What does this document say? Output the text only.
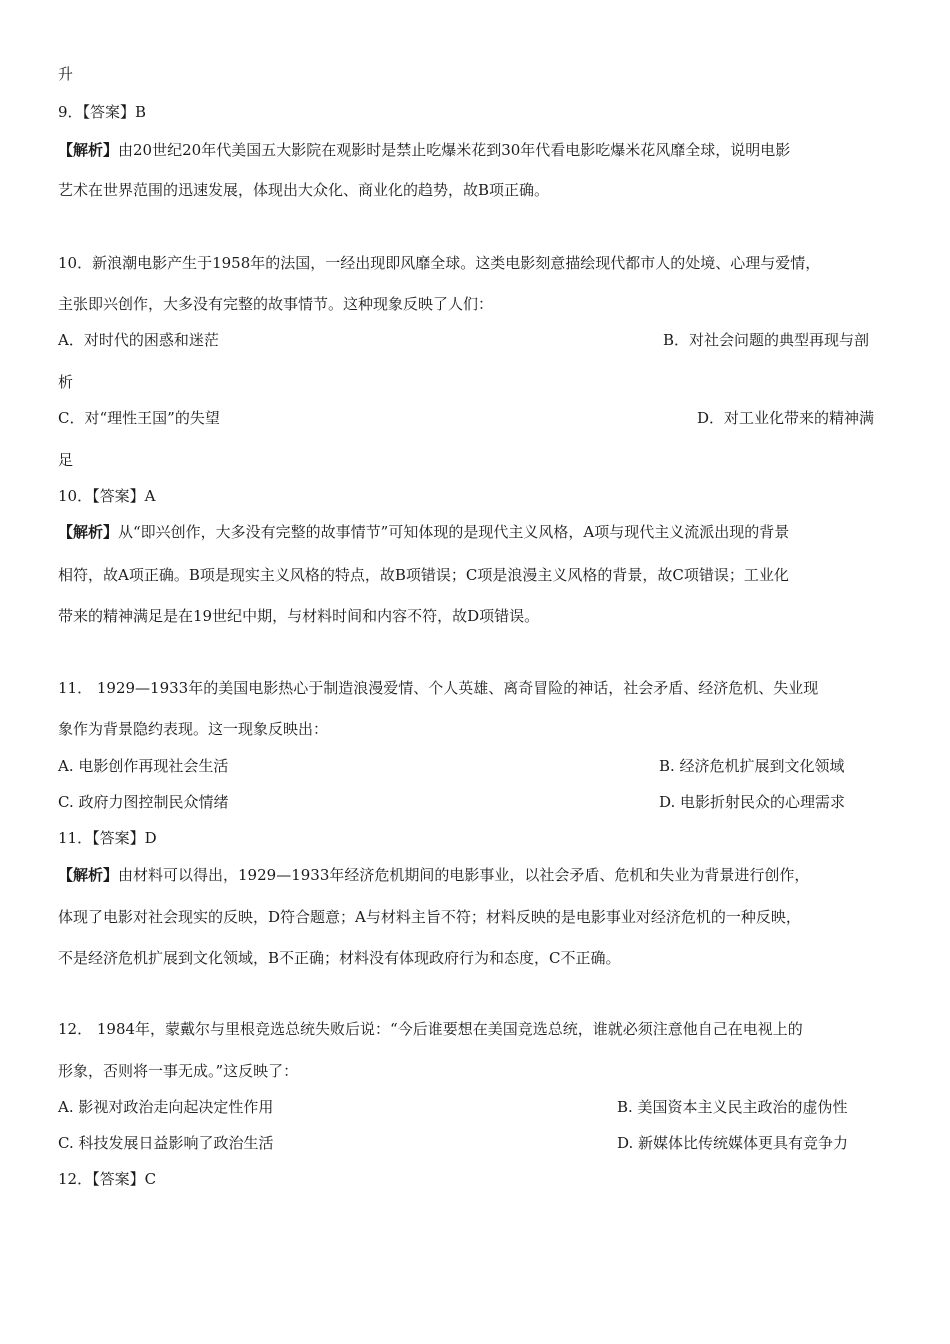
升
9．【答案】B
【解析】由20世纪20年代美国五大影院在观影时是禁止吃爆米花到30年代看电影吃爆米花风靡全球，说明电影
艺术在世界范围的迅速发展，体现出大众化、商业化的趋势，故B项正确。
10．新浪潮电影产生于1958年的法国，一经出现即风靡全球。这类电影刻意描绘现代都市人的处境、心理与爱情，
主张即兴创作，大多没有完整的故事情节。这种现象反映了人们：
A．对时代的困惑和迷茫	B．对社会问题的典型再现与剖
析
C．对“理性王国”的失望	D．对工业化带来的精神满
足
10．【答案】A
【解析】从“即兴创作，大多没有完整的故事情节”可知体现的是现代主义风格，A项与现代主义流派出现的背景
相符，故A项正确。B项是现实主义风格的特点，故B项错误；C项是浪漫主义风格的背景，故C项错误；工业化
带来的精神满足是在19世纪中期，与材料时间和内容不符，故D项错误。
11． 1929—1933年的美国电影热心于制造浪漫爱情、个人英雄、离奇冒险的神话，社会矛盾、经济危机、失业现
象作为背景隐约表现。这一现象反映出：
A. 电影创作再现社会生活	B. 经济危机扩展到文化领域
C. 政府力图控制民众情绪	D. 电影折射民众的心理需求
11．【答案】D
【解析】由材料可以得出，1929—1933年经济危机期间的电影事业，以社会矛盾、危机和失业为背景进行创作，
体现了电影对社会现实的反映，D符合题意；A与材料主旨不符；材料反映的是电影事业对经济危机的一种反映，
不是经济危机扩展到文化领域，B不正确；材料没有体现政府行为和态度，C不正确。
12． 1984年，蒙戴尔与里根竞选总统失败后说：“今后谁要想在美国竞选总统，谁就必须注意他自己在电视上的
形象，否则将一事无成。”这反映了：
A. 影视对政治走向起决定性作用	B. 美国资本主义民主政治的虚伪性
C. 科技发展日益影响了政治生活	D. 新媒体比传统媒体更具有竞争力
12．【答案】C
